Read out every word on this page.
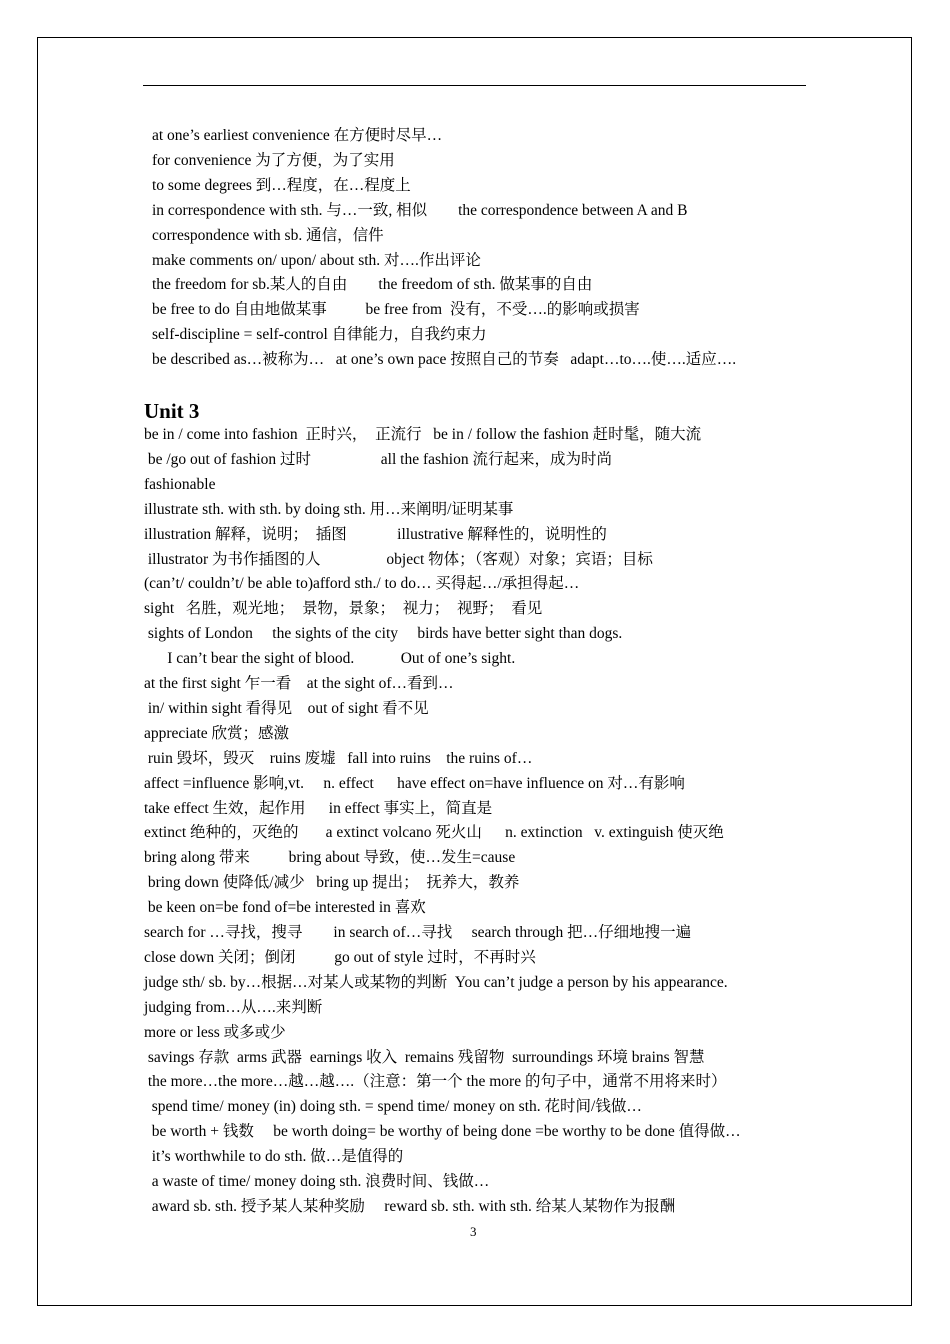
at one’s earliest convenience 在方便时尽早…
for convenience 为了方便，为了实用
to some degrees 到…程度，在…程度上
in correspondence with sth. 与…一致, 相似        the correspondence between A and B
correspondence with sb. 通信，信件
make comments on/ upon/ about sth. 对….作出评论
the freedom for sb.某人的自由        the freedom of sth. 做某事的自由
be free to do 自由地做某事          be free from  没有，不受….的影响或损害
self-discipline = self-control 自律能力，自我约束力
be described as…被称为…   at one’s own pace 按照自己的节奏   adapt…to….使….适应….
Unit 3
be in / come into fashion  正时兴，  正流行   be in / follow the fashion 赶时髦，随大流
be /go out of fashion 过时                  all the fashion 流行起来，成为时尚
fashionable
illustrate sth. with sth. by doing sth. 用…来阐明/证明某事
illustration 解释，说明；  插图             illustrative 解释性的，说明性的
illustrator 为书作插图的人                 object 物体；（客观）对象；宾语；目标
(can’t/ couldn’t/ be able to)afford sth./ to do… 买得起…/承担得起…
sight   名胜，观光地；  景物，景象；  视力；  视野；  看见
sights of London     the sights of the city     birds have better sight than dogs.
I can’t bear the sight of blood.            Out of one’s sight.
at the first sight 乍一看    at the sight of…看到…
in/ within sight 看得见    out of sight 看不见
appreciate 欣赏；感激
ruin 毁坏，毁灭    ruins 废墟   fall into ruins    the ruins of…
affect =influence 影响,vt.     n. effect      have effect on=have influence on 对…有影响
take effect 生效，起作用      in effect 事实上，简直是
extinct 绝种的，灭绝的       a extinct volcano 死火山      n. extinction   v. extinguish 使灭绝
bring along 带来          bring about 导致，使…发生=cause
bring down 使降低/减少   bring up 提出；  抚养大，教养
be keen on=be fond of=be interested in 喜欢
search for …寻找，搜寻        in search of…寻找     search through 把…仔细地搜一遍
close down 关闭；倒闭          go out of style 过时，不再时兴
judge sth/ sb. by…根据…对某人或某物的判断  You can’t judge a person by his appearance.
judging from…从….来判断
more or less 或多或少
savings 存款  arms 武器  earnings 收入  remains 残留物  surroundings 环境 brains 智慧
the more…the more…越…越….（注意：第一个 the more 的句子中，通常不用将来时）
spend time/ money (in) doing sth. = spend time/ money on sth. 花时间/钱做…
be worth + 钱数     be worth doing= be worthy of being done =be worthy to be done 值得做…
it’s worthwhile to do sth. 做…是值得的
a waste of time/ money doing sth. 浪费时间、钱做…
award sb. sth. 授予某人某种奖励     reward sb. sth. with sth. 给某人某物作为报酬
3
